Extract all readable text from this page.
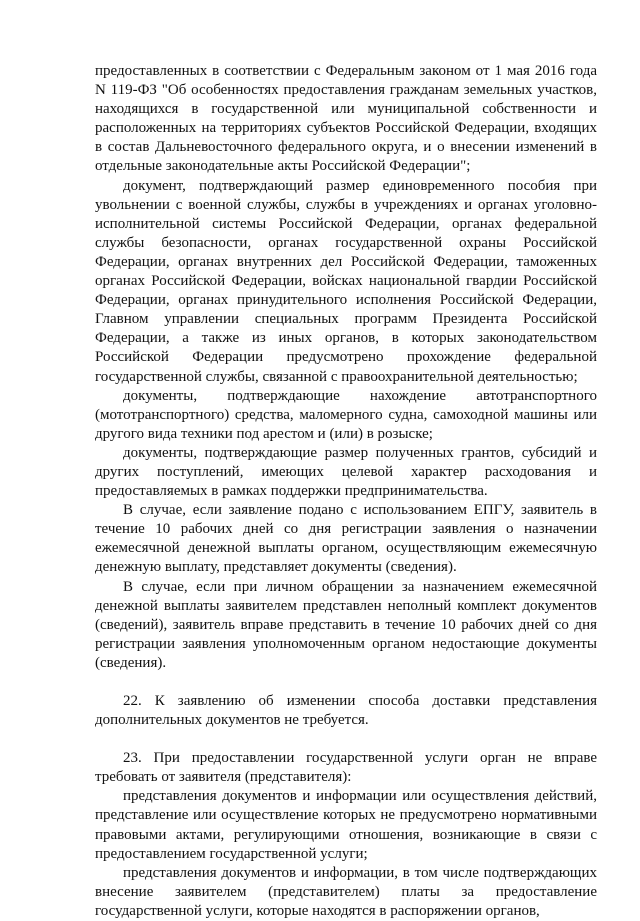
предоставленных в соответствии с Федеральным законом от 1 мая 2016 года N 119-ФЗ "Об особенностях предоставления гражданам земельных участков, находящихся в государственной или муниципальной собственности и расположенных на территориях субъектов Российской Федерации, входящих в состав Дальневосточного федерального округа, и о внесении изменений в отдельные законодательные акты Российской Федерации";

документ, подтверждающий размер единовременного пособия при увольнении с военной службы, службы в учреждениях и органах уголовно-исполнительной системы Российской Федерации, органах федеральной службы безопасности, органах государственной охраны Российской Федерации, органах внутренних дел Российской Федерации, таможенных органах Российской Федерации, войсках национальной гвардии Российской Федерации, органах принудительного исполнения Российской Федерации, Главном управлении специальных программ Президента Российской Федерации, а также из иных органов, в которых законодательством Российской Федерации предусмотрено прохождение федеральной государственной службы, связанной с правоохранительной деятельностью;

документы, подтверждающие нахождение автотранспортного (мототранспортного) средства, маломерного судна, самоходной машины или другого вида техники под арестом и (или) в розыске;

документы, подтверждающие размер полученных грантов, субсидий и других поступлений, имеющих целевой характер расходования и предоставляемых в рамках поддержки предпринимательства.

В случае, если заявление подано с использованием ЕПГУ, заявитель в течение 10 рабочих дней со дня регистрации заявления о назначении ежемесячной денежной выплаты органом, осуществляющим ежемесячную денежную выплату, представляет документы (сведения).

В случае, если при личном обращении за назначением ежемесячной денежной выплаты заявителем представлен неполный комплект документов (сведений), заявитель вправе представить в течение 10 рабочих дней со дня регистрации заявления уполномоченным органом недостающие документы (сведения).

22. К заявлению об изменении способа доставки представления дополнительных документов не требуется.

23. При предоставлении государственной услуги орган не вправе требовать от заявителя (представителя):

представления документов и информации или осуществления действий, представление или осуществление которых не предусмотрено нормативными правовыми актами, регулирующими отношения, возникающие в связи с предоставлением государственной услуги;

представления документов и информации, в том числе подтверждающих внесение заявителем (представителем) платы за предоставление государственной услуги, которые находятся в распоряжении органов,
